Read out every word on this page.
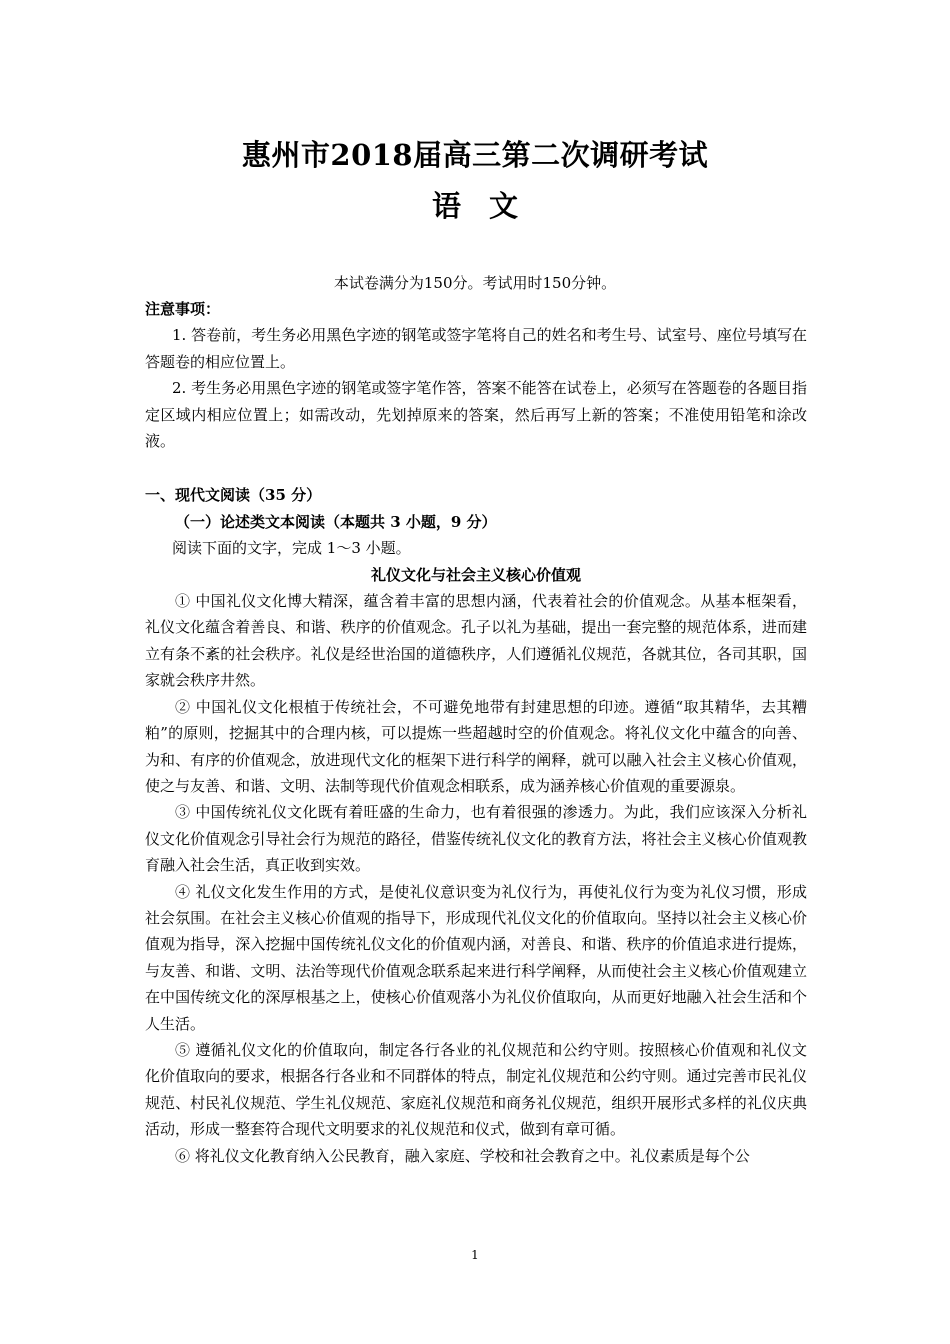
惠州市2018届高三第二次调研考试
语 文
本试卷满分为150分。考试用时150分钟。

注意事项：

1. 答卷前，考生务必用黑色字迹的钢笔或签字笔将自己的姓名和考生号、试室号、座位号填写在答题卷的相应位置上。

2. 考生务必用黑色字迹的钢笔或签字笔作答，答案不能答在试卷上，必须写在答题卷的各题目指定区域内相应位置上；如需改动，先划掉原来的答案，然后再写上新的答案；不准使用铅笔和涂改液。

一、现代文阅读（35 分）

（一）论述类文本阅读（本题共 3 小题，9 分）

阅读下面的文字，完成 1～3 小题。

礼仪文化与社会主义核心价值观

① 中国礼仪文化博大精深，蕴含着丰富的思想内涵，代表着社会的价值观念。从基本框架看，礼仪文化蕴含着善良、和谐、秩序的价值观念。孔子以礼为基础，提出一套完整的规范体系，进而建立有条不紊的社会秩序。礼仪是经世治国的道德秩序，人们遵循礼仪规范，各就其位，各司其职，国家就会秩序井然。

② 中国礼仪文化根植于传统社会，不可避免地带有封建思想的印迹。遵循“取其精华，去其糟粕”的原则，挖掘其中的合理内核，可以提炼一些超越时空的价值观念。将礼仪文化中蕴含的向善、为和、有序的价值观念，放进现代文化的框架下进行科学的阐释，就可以融入社会主义核心价值观，使之与友善、和谐、文明、法制等现代价值观念相联系，成为涵养核心价值观的重要源泉。

③ 中国传统礼仪文化既有着旺盛的生命力，也有着很强的渗透力。为此，我们应该深入分析礼仪文化价值观念引导社会行为规范的路径，借鉴传统礼仪文化的教育方法，将社会主义核心价值观教育融入社会生活，真正收到实效。

④ 礼仪文化发生作用的方式，是使礼仪意识变为礼仪行为，再使礼仪行为变为礼仪习惯，形成社会氛围。在社会主义核心价值观的指导下，形成现代礼仪文化的价值取向。坚持以社会主义核心价值观为指导，深入挖掘中国传统礼仪文化的价值观内涵，对善良、和谐、秩序的价值追求进行提炼，与友善、和谐、文明、法治等现代价值观念联系起来进行科学阐释，从而使社会主义核心价值观建立在中国传统文化的深厚根基之上，使核心价值观落小为礼仪价值取向，从而更好地融入社会生活和个人生活。

⑤ 遵循礼仪文化的价值取向，制定各行各业的礼仪规范和公约守则。按照核心价值观和礼仪文化价值取向的要求，根据各行各业和不同群体的特点，制定礼仪规范和公约守则。通过完善市民礼仪规范、村民礼仪规范、学生礼仪规范、家庭礼仪规范和商务礼仪规范，组织开展形式多样的礼仪庆典活动，形成一整套符合现代文明要求的礼仪规范和仪式，做到有章可循。

⑥ 将礼仪文化教育纳入公民教育，融入家庭、学校和社会教育之中。礼仪素质是每个公

1
